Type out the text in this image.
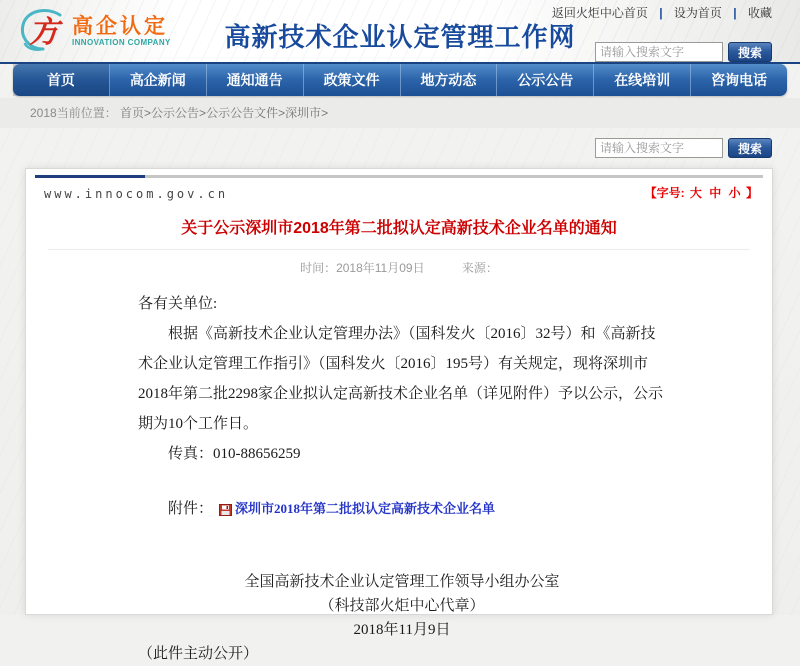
方 高企认定
INNOVATION COMPANY	高新技术企业认定管理工作网
返回火炬中心首页 | 设为首页 | 收藏
请输入搜索文字
搜索
首页	高企新闻	通知通告	政策文件	地方动态	公示公告	在线培训	咨询电话
2018当前位置： 首页>公示公告>公示公告文件>深圳市>
请输入搜索文字
搜索
www.innocom.gov.cn	【字号: 大 中 小 】
关于公示深圳市2018年第二批拟认定高新技术企业名单的通知
时间：2018年11月09日	来源：
各有关单位:
根据《高新技术企业认定管理办法》（国科发火〔2016〕32号）和《高新技术企业认定管理工作指引》（国科发火〔2016〕195号）有关规定，现将深圳市2018年第二批2298家企业拟认定高新技术企业名单（详见附件）予以公示，公示期为10个工作日。
传真：010-88656259
附件： 深圳市2018年第二批拟认定高新技术企业名单
全国高新技术企业认定管理工作领导小组办公室
（科技部火炬中心代章）
2018年11月9日
（此件主动公开）
